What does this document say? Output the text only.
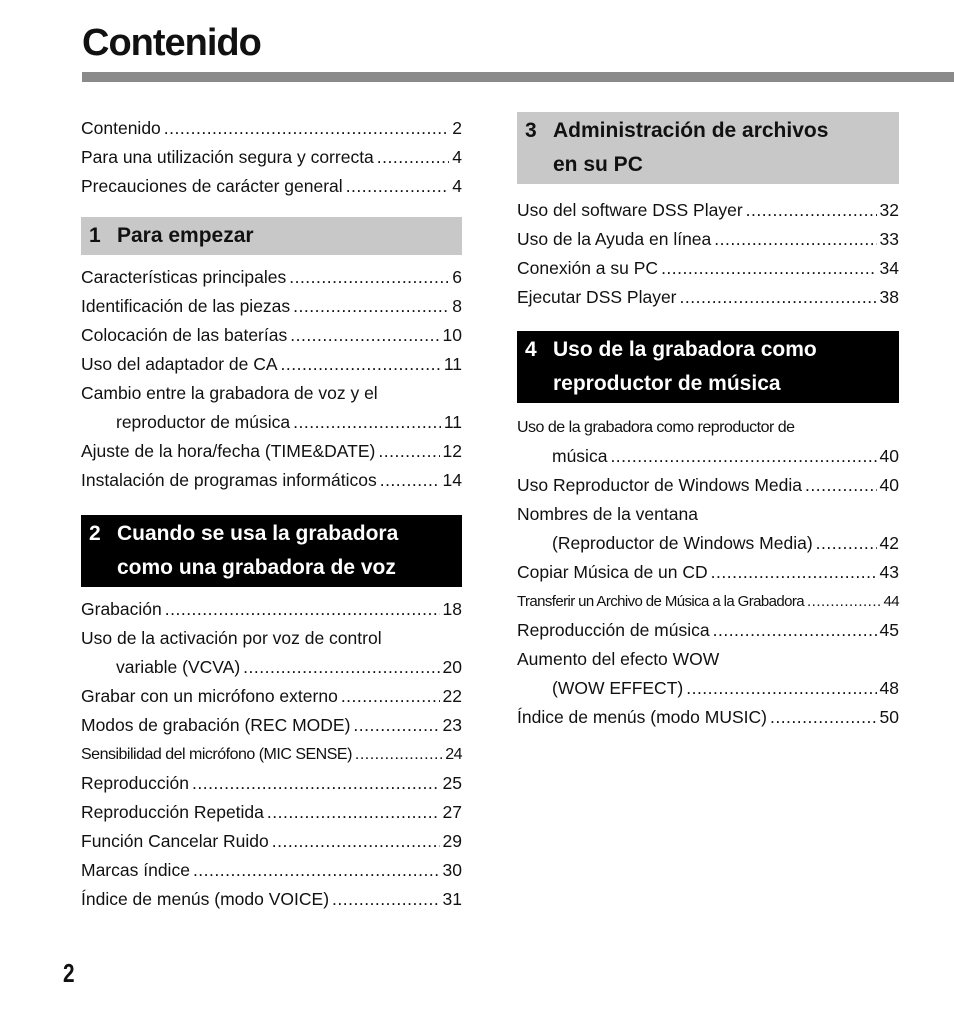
Contenido
Contenido .....	2
Para una utilización segura y correcta .....	4
Precauciones de carácter general .....	4
1 Para empezar
Características principales .....	6
Identificación de las piezas .....	8
Colocación de las baterías .....	10
Uso del adaptador de CA .....	11
Cambio entre la grabadora de voz y el
reproductor de música .....	11
Ajuste de la hora/fecha (TIME&DATE) .....	12
Instalación de programas informáticos .....	14
2 Cuando se usa la grabadora
como una grabadora de voz
Grabación .....	18
Uso de la activación por voz de control
variable (VCVA) .....	20
Grabar con un micrófono externo .....	22
Modos de grabación (REC MODE) .....	23
Sensibilidad del micrófono (MIC SENSE) .....	24
Reproducción .....	25
Reproducción Repetida .....	27
Función Cancelar Ruido .....	29
Marcas índice .....	30
Índice de menús (modo VOICE) .....	31
3 Administración de archivos
en su PC
Uso del software DSS Player .....	32
Uso de la Ayuda en línea .....	33
Conexión a su PC .....	34
Ejecutar DSS Player .....	38
4 Uso de la grabadora como
reproductor de música
Uso de la grabadora como reproductor de
música .....	40
Uso Reproductor de Windows Media .....	40
Nombres de la ventana
(Reproductor de Windows Media) .....	42
Copiar Música de un CD .....	43
Transferir un Archivo de Música a la Grabadora .....	44
Reproducción de música .....	45
Aumento del efecto WOW
(WOW EFFECT) .....	48
Índice de menús (modo MUSIC) .....	50
2
